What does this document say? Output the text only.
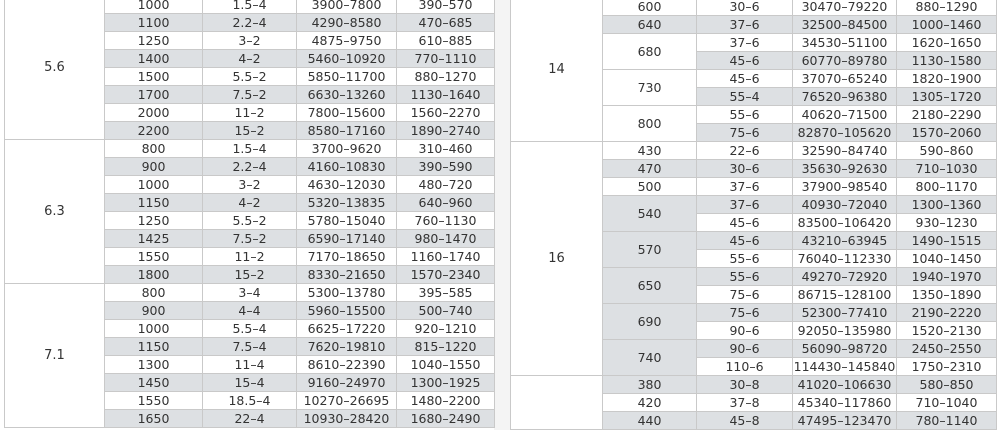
5.6	1000	1.5–4	3900–7800	390–570
	1100	2.2–4	4290–8580	470–685
	1250	3–2	4875–9750	610–885
	1400	4–2	5460–10920	770–1110
	1500	5.5–2	5850–11700	880–1270
	1700	7.5–2	6630–13260	1130–1640
	2000	11–2	7800–15600	1560–2270
	2200	15–2	8580–17160	1890–2740
6.3	800	1.5–4	3700–9620	310–460
	900	2.2–4	4160–10830	390–590
	1000	3–2	4630–12030	480–720
	1150	4–2	5320–13835	640–960
	1250	5.5–2	5780–15040	760–1130
	1425	7.5–2	6590–17140	980–1470
	1550	11–2	7170–18650	1160–1740
	1800	15–2	8330–21650	1570–2340
7.1	800	3–4	5300–13780	395–585
	900	4–4	5960–15500	500–740
	1000	5.5–4	6625–17220	920–1210
	1150	7.5–4	7620–19810	815–1220
	1300	11–4	8610–22390	1040–1550
	1450	15–4	9160–24970	1300–1925
	1550	18.5–4	10270–26695	1480–2200
	1650	22–4	10930–28420	1680–2490
14	600	30–6	30470–79220	880–1290
	640	37–6	32500–84500	1000–1460
	680	37–6	34530–51100	1620–1650
		45–6	60770–89780	1130–1580
	730	45–6	37070–65240	1820–1900
		55–4	76520–96380	1305–1720
	800	55–6	40620–71500	2180–2290
		75–6	82870–105620	1570–2060
16	430	22–6	32590–84740	590–860
	470	30–6	35630–92630	710–1030
	500	37–6	37900–98540	800–1170
	540	37–6	40930–72040	1300–1360
		45–6	83500–106420	930–1230
	570	45–6	43210–63945	1490–1515
		55–6	76040–112330	1040–1450
	650	55–6	49270–72920	1940–1970
		75–6	86715–128100	1350–1890
	690	75–6	52300–77410	2190–2220
		90–6	92050–135980	1520–2130
	740	90–6	56090–98720	2450–2550
		110–6	114430–145840	1750–2310
	380	30–8	41020–106630	580–850
	420	37–8	45340–117860	710–1040
	440	45–8	47495–123470	780–1140
